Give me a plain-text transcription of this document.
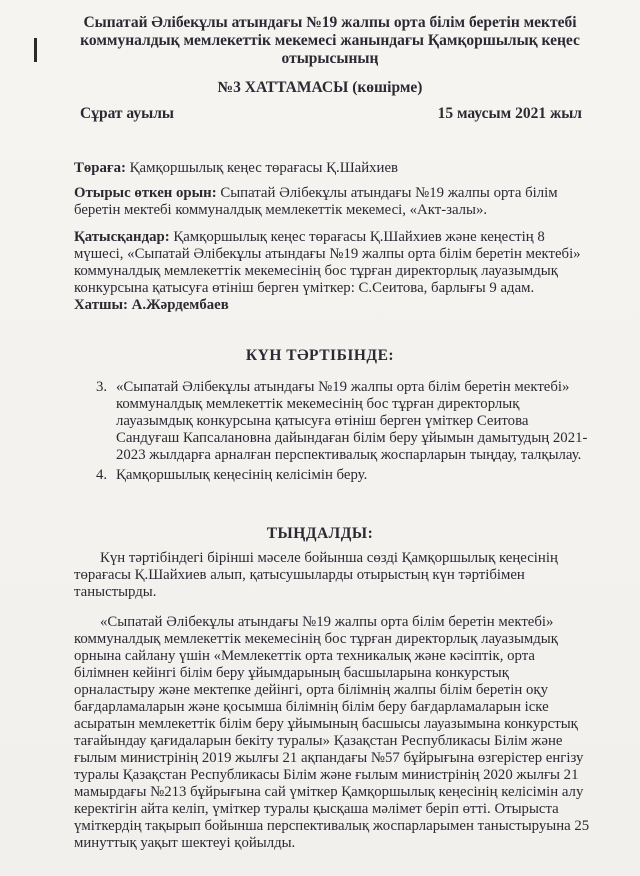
Сыпатай Әлібекұлы атындағы №19 жалпы орта білім беретін мектебі
коммуналдық мемлекеттік мекемесі жанындағы Қамқоршылық кеңес
отырысының
№3 ХАТТАМАСЫ (көшірме)
Сұрат ауылы	15 маусым 2021 жыл
Төраға: Қамқоршылық кеңес төрағасы Қ.Шайхиев
Отырыс өткен орын: Сыпатай Әлібекұлы атындағы №19 жалпы орта білім беретін мектебі коммуналдық мемлекеттік мекемесі, «Акт-залы».
Қатысқандар: Қамқоршылық кеңес төрағасы Қ.Шайхиев және кеңестің 8 мүшесі, «Сыпатай Әлібекұлы атындағы №19 жалпы орта білім беретін мектебі» коммуналдық мемлекеттік мекемесінің бос тұрған директорлық лауазымдық конкурсына қатысуға өтініш берген үміткер: С.Сеитова, барлығы 9 адам.
Хатшы: А.Жәрдембаев
КҮН ТӘРТІБІНДЕ:
3. «Сыпатай Әлібекұлы атындағы №19 жалпы орта білім беретін мектебі» коммуналдық мемлекеттік мекемесінің бос тұрған директорлық лауазымдық конкурсына қатысуға өтініш берген үміткер Сеитова Сандуғаш Капсалановна дайындаған білім беру ұйымын дамытудың 2021-2023 жылдарға арналған перспективалық жоспарларын тыңдау, талқылау.
4. Қамқоршылық кеңесінің келісімін беру.
ТЫҢДАЛДЫ:
Күн тәртібіндегі бірінші мәселе бойынша сөзді Қамқоршылық кеңесінің төрағасы Қ.Шайхиев алып, қатысушыларды отырыстың күн тәртібімен таныстырды.
«Сыпатай Әлібекұлы атындағы №19 жалпы орта білім беретін мектебі» коммуналдық мемлекеттік мекемесінің бос тұрған директорлық лауазымдық орнына сайлану үшін «Мемлекеттік орта техникалық және кәсіптік, орта білімнен кейінгі білім беру ұйымдарының басшыларына конкурстық орналастыру және мектепке дейінгі, орта білімнің жалпы білім беретін оқу бағдарламаларын және қосымша білімнің білім беру бағдарламаларын іске асыратын мемлекеттік білім беру ұйымының басшысы лауазымына конкурстық тағайындау қағидаларын бекіту туралы» Қазақстан Республикасы Білім және ғылым министрінің 2019 жылғы 21 ақпандағы №57 бұйрығына өзгерістер енгізу туралы Қазақстан Республикасы Білім және ғылым министрінің 2020 жылғы 21 мамырдағы №213 бұйрығына сай үміткер Қамқоршылық кеңесінің келісімін алу керектігін айта келіп, үміткер туралы қысқаша мәлімет беріп өтті. Отырыста үміткердің тақырып бойынша перспективалық жоспарларымен таныстыруына 25 минуттық уақыт шектеуі қойылды.
